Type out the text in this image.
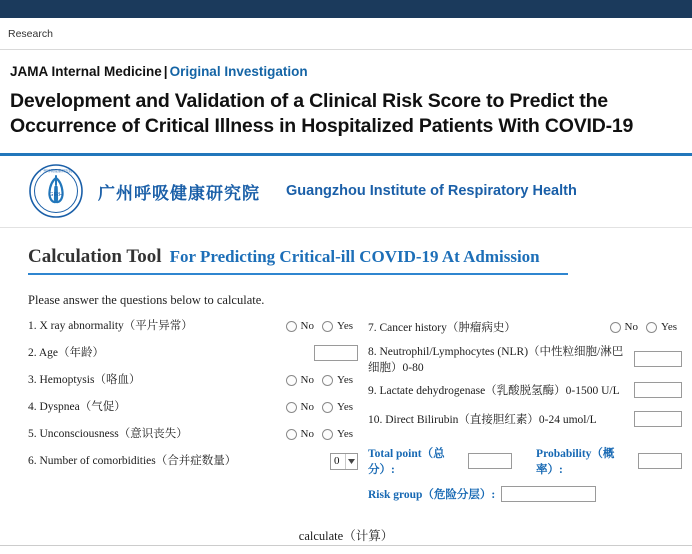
Research
JAMA Internal Medicine | Original Investigation
Development and Validation of a Clinical Risk Score to Predict the Occurrence of Critical Illness in Hospitalized Patients With COVID-19
GIRH
广州呼吸健康研究院
广州呼吸健康研究院 Guangzhou Institute of Respiratory Health
Calculation Tool For Predicting Critical-ill COVID-19 At Admission
Please answer the questions below to calculate.
1. X ray abnormality（平片异常）	No Yes
2. Age（年龄）
3. Hemoptysis（咯血）	No Yes
4. Dyspnea（气促）	No Yes
5. Unconsciousness（意识丧失）	No Yes
6. Number of comorbidities（合并症数量）	0
7. Cancer history（肿瘤病史）	No Yes
8. Neutrophil/Lymphocytes (NLR)（中性粒细胞/淋巴细胞）0-80
9. Lactate dehydrogenase（乳酸脱氢酶）0-1500 U/L
10. Direct Bilirubin（直接胆红素）0-24 umol/L
Total point（总分）:
Probability（概率）:
Risk group（危险分层）:
calculate（计算）
